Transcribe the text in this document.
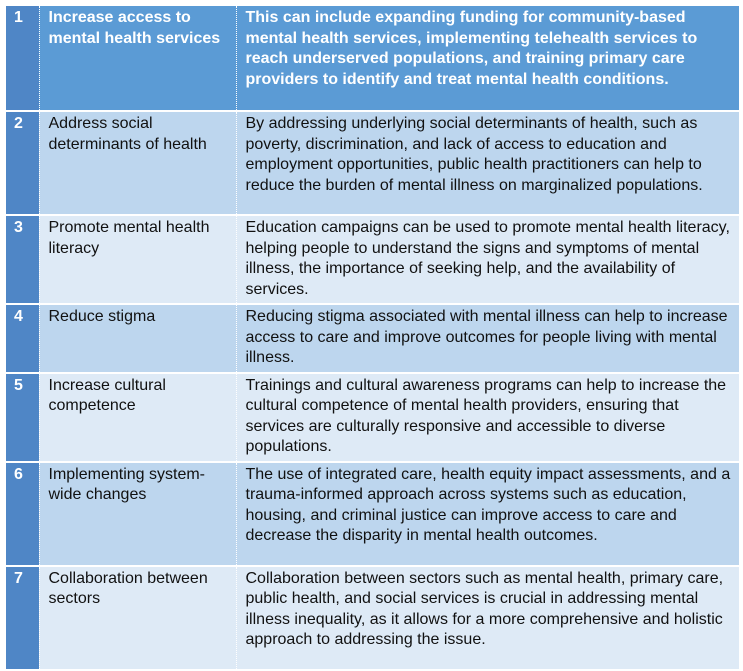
1	Increase access to mental health services	This can include expanding funding for community-based mental health services, implementing telehealth services to reach underserved populations, and training primary care providers to identify and treat mental health conditions.
2	Address social determinants of health	By addressing underlying social determinants of health, such as poverty, discrimination, and lack of access to education and employment opportunities, public health practitioners can help to reduce the burden of mental illness on marginalized populations.
3	Promote mental health literacy	Education campaigns can be used to promote mental health literacy, helping people to understand the signs and symptoms of mental illness, the importance of seeking help, and the availability of services.
4	Reduce stigma	Reducing stigma associated with mental illness can help to increase access to care and improve outcomes for people living with mental illness.
5	Increase cultural competence	Trainings and cultural awareness programs can help to increase the cultural competence of mental health providers, ensuring that services are culturally responsive and accessible to diverse populations.
6	Implementing system-wide changes	The use of integrated care, health equity impact assessments, and a trauma-informed approach across systems such as education, housing, and criminal justice can improve access to care and decrease the disparity in mental health outcomes.
7	Collaboration between sectors	Collaboration between sectors such as mental health, primary care, public health, and social services is crucial in addressing mental illness inequality, as it allows for a more comprehensive and holistic approach to addressing the issue.
